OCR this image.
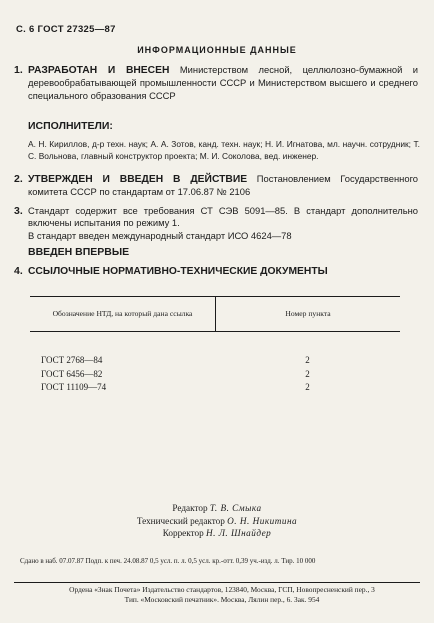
С. 6 ГОСТ 27325—87
ИНФОРМАЦИОННЫЕ ДАННЫЕ
1. РАЗРАБОТАН И ВНЕСЕН Министерством лесной, целлюлозно-бумажной и деревообрабатывающей промышленности СССР и Министерством высшего и среднего специального образования СССР
ИСПОЛНИТЕЛИ:
А. Н. Кириллов, д-р техн. наук; А. А. Зотов, канд. техн. наук; Н. И. Игнатова, мл. научн. сотрудник; Т. С. Вольнова, главный конструктор проекта; М. И. Соколова, вед. инженер.
2. УТВЕРЖДЕН И ВВЕДЕН В ДЕЙСТВИЕ Постановлением Государственного комитета СССР по стандартам от 17.06.87 № 2106
3. Стандарт содержит все требования СТ СЭВ 5091—85. В стандарт дополнительно включены испытания по режиму 1.
В стандарт введен международный стандарт ИСО 4624—78
ВВЕДЕН ВПЕРВЫЕ
4. ССЫЛОЧНЫЕ НОРМАТИВНО-ТЕХНИЧЕСКИЕ ДОКУМЕНТЫ
Обозначение НТД, на который дана ссылка	Номер пункта
ГОСТ 2768—84	2
ГОСТ 6456—82	2
ГОСТ 11109—74	2
Редактор Т. В. Смыка
Технический редактор О. Н. Никитина
Корректор Н. Л. Шнайдер
Сдано в наб. 07.07.87 Подп. к печ. 24.08.87 0,5 усл. п. л. 0,5 усл. кр.-отт. 0,39 уч.-изд. л. Тир. 10 000
Ордена «Знак Почета» Издательство стандартов, 123840, Москва, ГСП, Новопресненский пер., 3
Тип. «Московский печатник». Москва, Лялин пер., 6. Зак. 954
